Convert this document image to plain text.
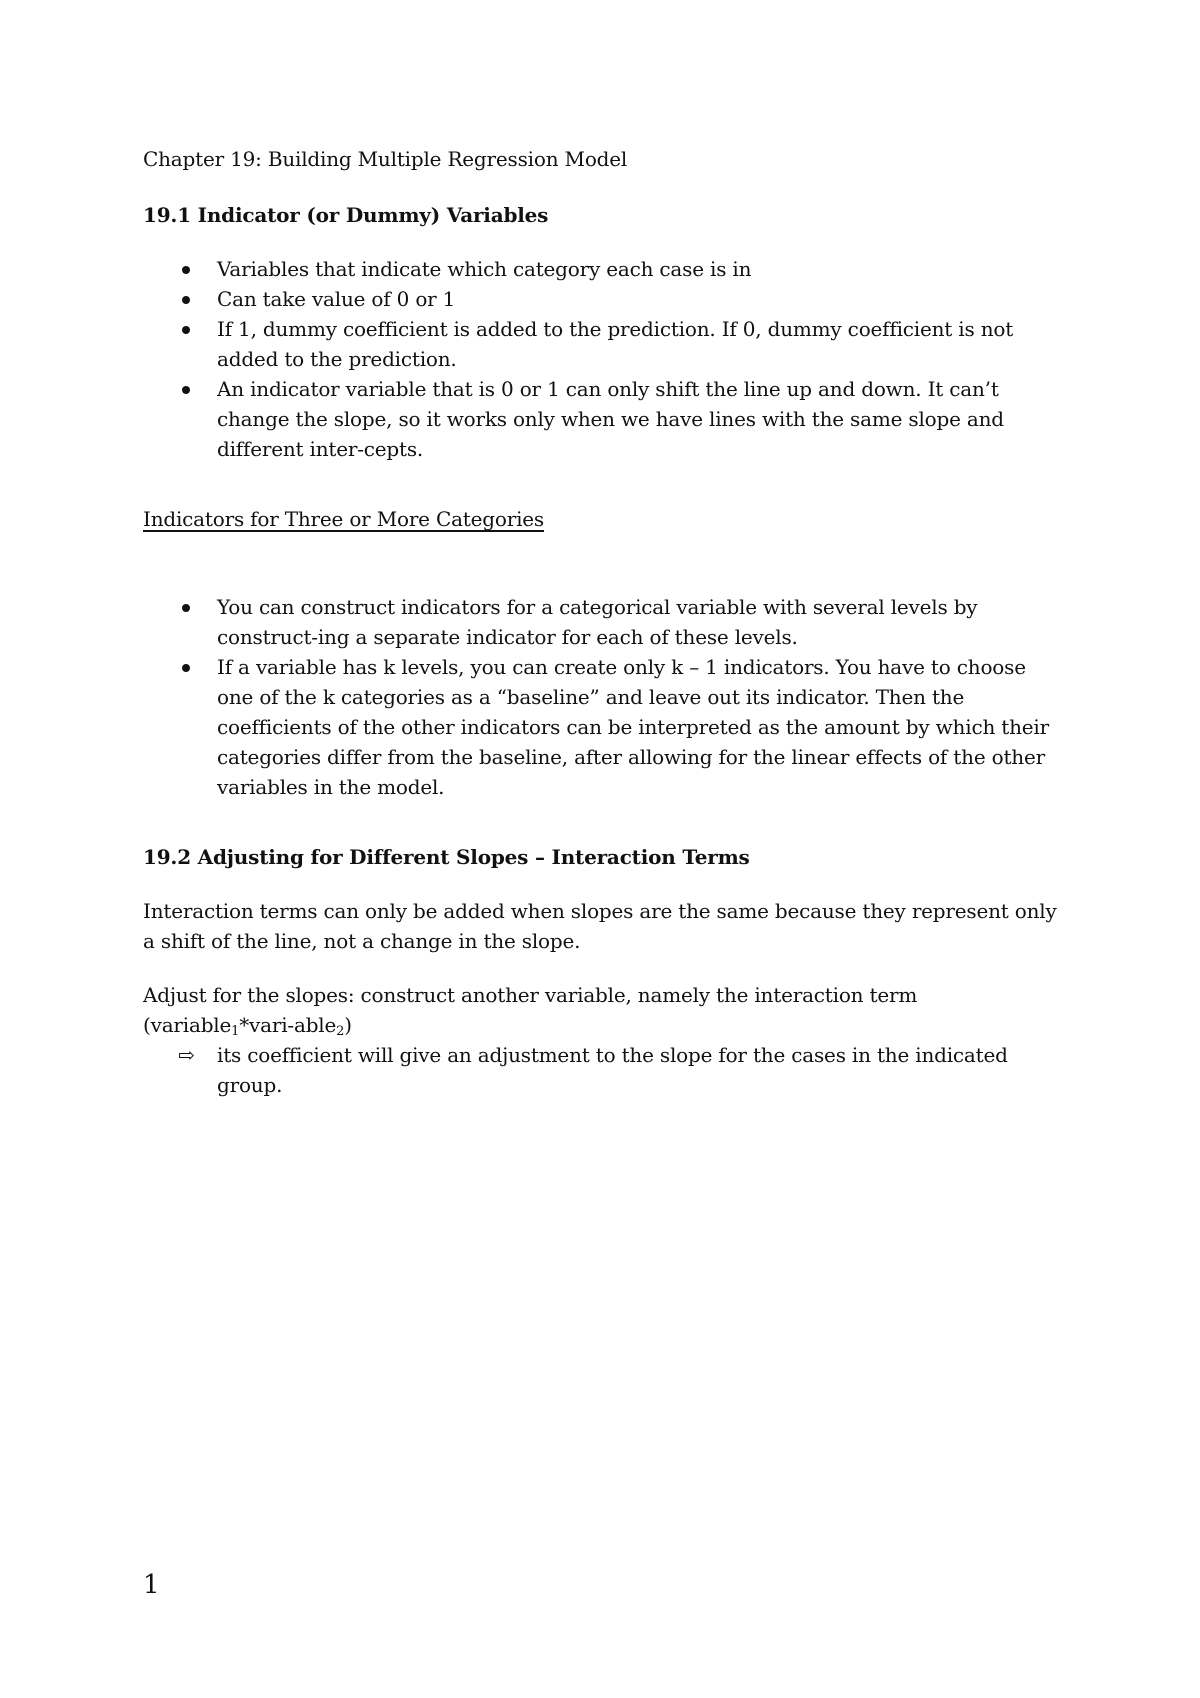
Chapter 19: Building Multiple Regression Model

19.1 Indicator (or Dummy) Variables

Variables that indicate which category each case is in
Can take value of 0 or 1
If 1, dummy coefficient is added to the prediction. If 0, dummy coefficient is not added to the prediction.
An indicator variable that is 0 or 1 can only shift the line up and down. It can’t change the slope, so it works only when we have lines with the same slope and different inter-cepts.

Indicators for Three or More Categories

You can construct indicators for a categorical variable with several levels by construct-ing a separate indicator for each of these levels.
If a variable has k levels, you can create only k – 1 indicators. You have to choose one of the k categories as a “baseline” and leave out its indicator. Then the coefficients of the other indicators can be interpreted as the amount by which their categories differ from the baseline, after allowing for the linear effects of the other variables in the model.

19.2 Adjusting for Different Slopes – Interaction Terms

Interaction terms can only be added when slopes are the same because they represent only a shift of the line, not a change in the slope.

Adjust for the slopes: construct another variable, namely the interaction term (variable$_1$*vari-able$_2$)

⇨ its coefficient will give an adjustment to the slope for the cases in the indicated group.
1
